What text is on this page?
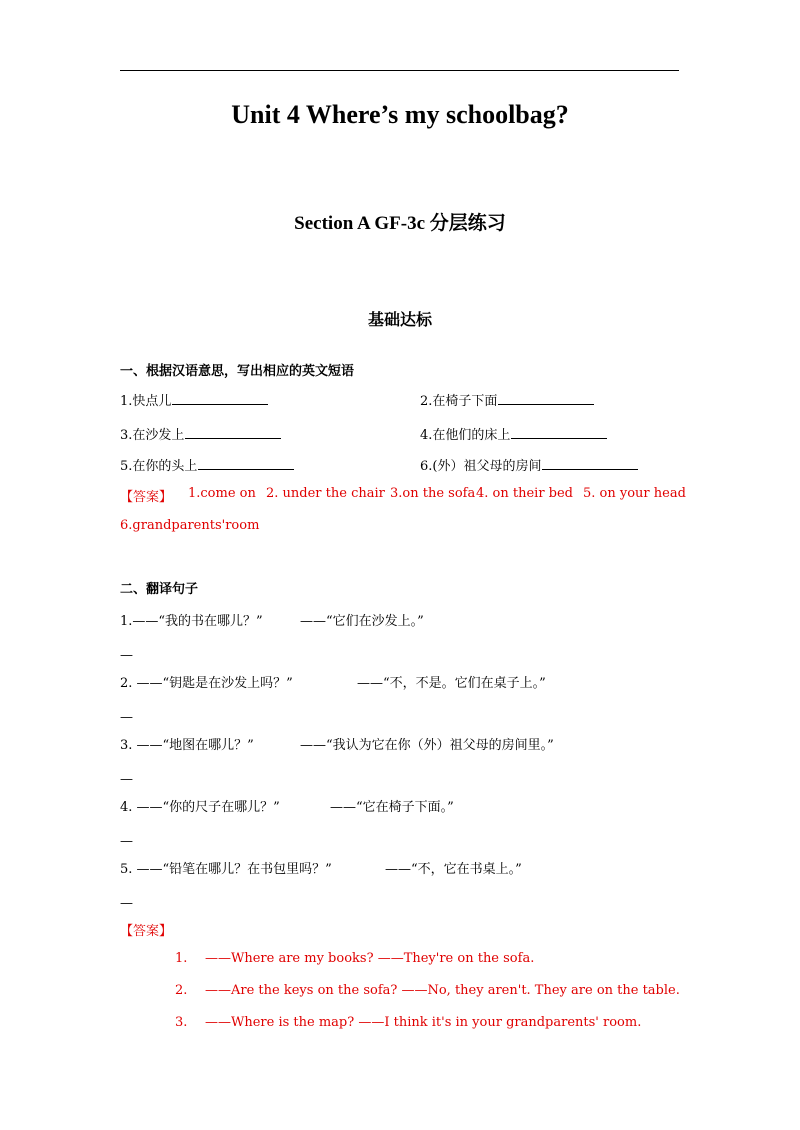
Unit 4 Where’s my schoolbag?
Section A GF-3c 分层练习
基础达标
一、根据汉语意思，写出相应的英文短语
1.快点儿	2.在椅子下面
3.在沙发上	4.在他们的床上
5.在你的头上	6.(外）祖父母的房间
【答案】 1.come on 2. under the chair 3.on the sofa 4. on their bed 5. on your head
6.grandparents'room
二、翻译句子
1.——“我的书在哪儿？”	——“它们在沙发上。”
—
2. ——“钥匙是在沙发上吗？”	——“不，不是。它们在桌子上。”
—
3. ——“地图在哪儿？”	——“我认为它在你（外）祖父母的房间里。”
—
4. ——“你的尺子在哪儿？”	——“它在椅子下面。”
—
5. ——“铅笔在哪儿？在书包里吗？”	——“不，它在书桌上。”
—
【答案】
1. ——Where are my books? ——They're on the sofa.
2. ——Are the keys on the sofa? ——No, they aren't. They are on the table.
3. ——Where is the map? ——I think it's in your grandparents' room.
